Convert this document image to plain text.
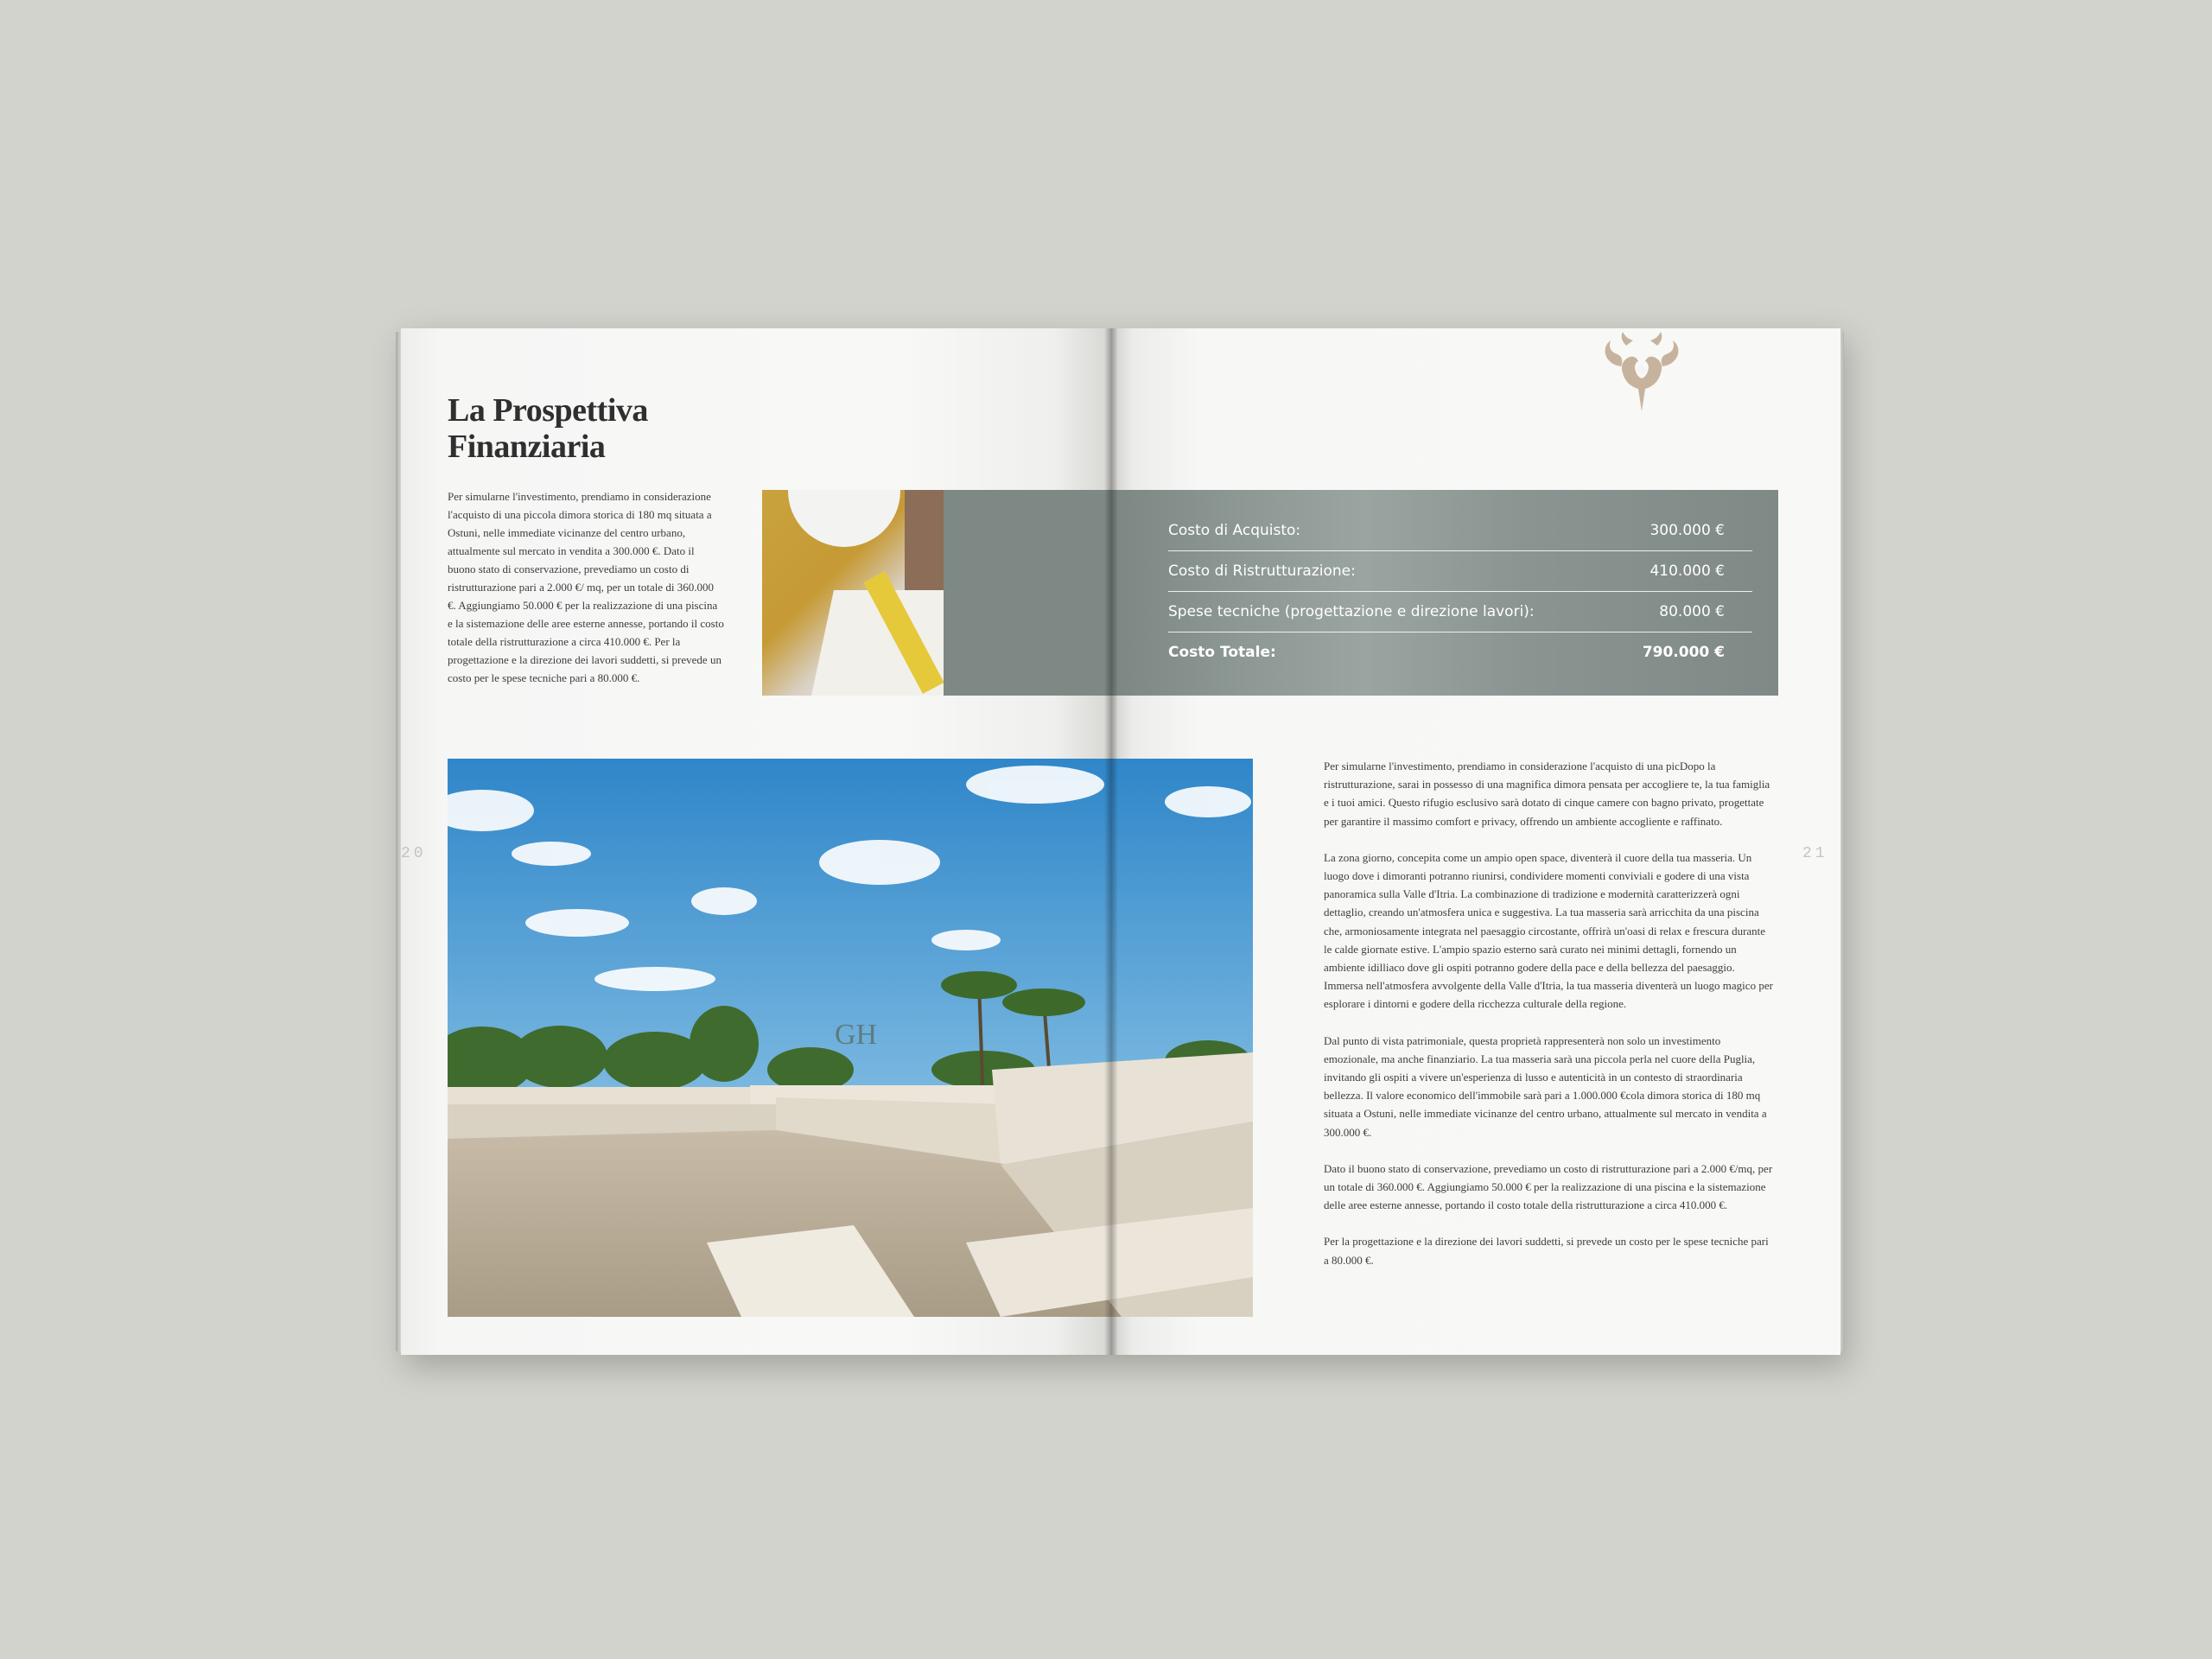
La Prospettiva
Finanziaria
Per simularne l'investimento, prendiamo in considerazione l'acquisto di una piccola dimora storica di 180 mq situata a Ostuni, nelle immediate vicinanze del centro urbano, attualmente sul mercato in vendita a 300.000 €. Dato il buono stato di conservazione, prevediamo un costo di ristrutturazione pari a 2.000 €/ mq, per un totale di 360.000 €. Aggiungiamo 50.000 € per la realizzazione di una piscina e la sistemazione delle aree esterne annesse, portando il costo totale della ristrutturazione a circa 410.000 €. Per la progettazione e la direzione dei lavori suddetti, si prevede un costo per le spese tecniche pari a 80.000 €.
20
Costo di Acquisto:	300.000 €
Costo di Ristrutturazione:	410.000 €
Spese tecniche (progettazione e direzione lavori):	80.000 €
Costo Totale:	790.000 €

Per simularne l'investimento, prendiamo in considerazione l'acquisto di una picDopo la ristrutturazione, sarai in possesso di una magnifica dimora pensata per accogliere te, la tua famiglia e i tuoi amici. Questo rifugio esclusivo sarà dotato di cinque camere con bagno privato, progettate per garantire il massimo comfort e privacy, offrendo un ambiente accogliente e raffinato.

La zona giorno, concepita come un ampio open space, diventerà il cuore della tua masseria. Un luogo dove i dimoranti potranno riunirsi, condividere momenti conviviali e godere di una vista panoramica sulla Valle d'Itria. La combinazione di tradizione e modernità caratterizzerà ogni dettaglio, creando un'atmosfera unica e suggestiva. La tua masseria sarà arricchita da una piscina che, armoniosamente integrata nel paesaggio circostante, offrirà un'oasi di relax e frescura durante le calde giornate estive. L'ampio spazio esterno sarà curato nei minimi dettagli, fornendo un ambiente idilliaco dove gli ospiti potranno godere della pace e della bellezza del paesaggio. Immersa nell'atmosfera avvolgente della Valle d'Itria, la tua masseria diventerà un luogo magico per esplorare i dintorni e godere della ricchezza culturale della regione.

Dal punto di vista patrimoniale, questa proprietà rappresenterà non solo un investimento emozionale, ma anche finanziario. La tua masseria sarà una piccola perla nel cuore della Puglia, invitando gli ospiti a vivere un'esperienza di lusso e autenticità in un contesto di straordinaria bellezza. Il valore economico dell'immobile sarà pari a 1.000.000 €cola dimora storica di 180 mq situata a Ostuni, nelle immediate vicinanze del centro urbano, attualmente sul mercato in vendita a 300.000 €.

Dato il buono stato di conservazione, prevediamo un costo di ristrutturazione pari a 2.000 €/mq, per un totale di 360.000 €. Aggiungiamo 50.000 € per la realizzazione di una piscina e la sistemazione delle aree esterne annesse, portando il costo totale della ristrutturazione a circa 410.000 €.

Per la progettazione e la direzione dei lavori suddetti, si prevede un costo per le spese tecniche pari a 80.000 €.

21
GH
